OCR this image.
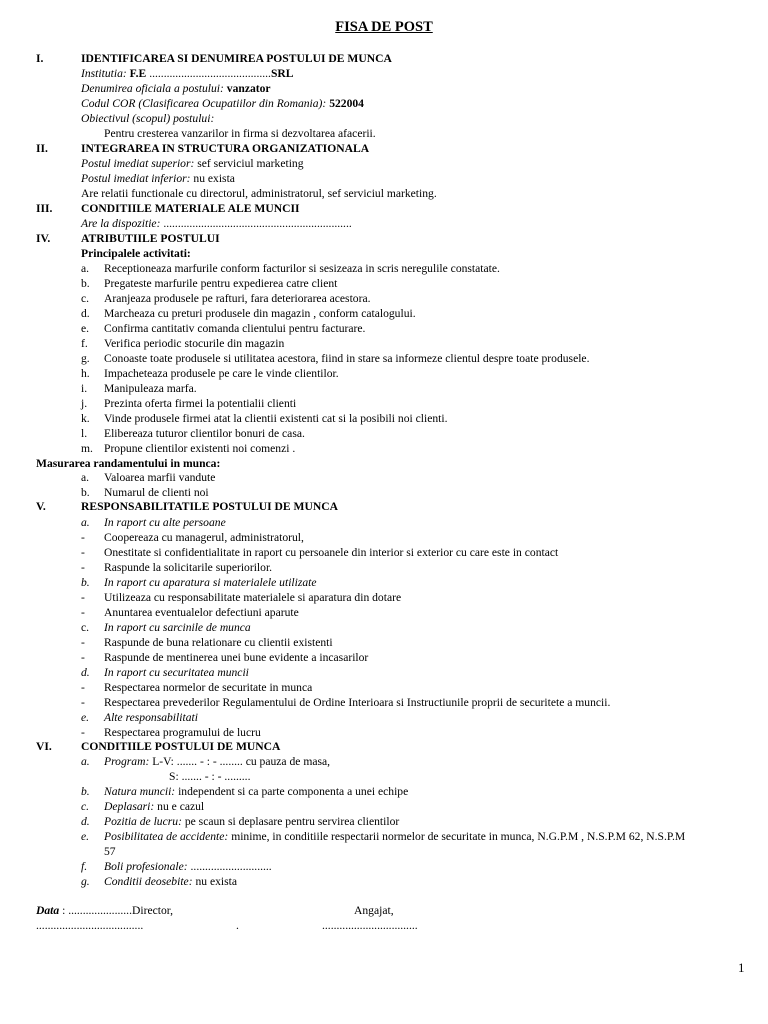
FISA DE POST
I.	IDENTIFICAREA SI DENUMIREA POSTULUI DE MUNCA
Institutia: F.E ..........................................SRL
Denumirea oficiala a postului: vanzator
Codul COR (Clasificarea Ocupatiilor din Romania): 522004
Obiectivul (scopul) postului:
Pentru cresterea vanzarilor in firma si dezvoltarea afacerii.
II.	INTEGRAREA IN STRUCTURA ORGANIZATIONALA
Postul imediat superior: sef serviciul marketing
Postul imediat inferior: nu exista
Are relatii functionale cu directorul, administratorul, sef serviciul marketing.
III. CONDITIILE MATERIALE ALE MUNCII
Are la dispozitie: .................................................................
IV.	ATRIBUTIILE POSTULUI
Principalele activitati:
a. Receptioneaza marfurile conform facturilor si sesizeaza in scris neregulile constatate.
b. Pregateste marfurile pentru expedierea catre client
c. Aranjeaza produsele pe rafturi, fara deteriorarea acestora.
d. Marcheaza cu preturi produsele din magazin , conform catalogului.
e. Confirma cantitativ comanda clientului pentru facturare.
f. Verifica periodic stocurile din magazin
g. Conoaste toate produsele si utilitatea acestora, fiind in stare sa informeze clientul despre toate produsele.
h. Impacheteaza produsele pe care le vinde clientilor.
i. Manipuleaza marfa.
j. Prezinta oferta firmei la potentialii clienti
k. Vinde produsele firmei atat la clientii existenti cat si la posibili noi clienti.
l. Elibereaza tuturor clientilor bonuri de casa.
m. Propune clientilor existenti noi comenzi .
Masurarea randamentului in munca:
a. Valoarea marfii vandute
b. Numarul de clienti noi
V.	RESPONSABILITATILE POSTULUI DE MUNCA
a. In raport cu alte persoane
- Coopereaza cu managerul, administratorul,
- Onestitate si confidentialitate in raport cu persoanele din interior si exterior cu care este in contact
- Raspunde la solicitarile superiorilor.
b. In raport cu aparatura si materialele utilizate
- Utilizeaza cu responsabilitate materialele si aparatura din dotare
- Anuntarea eventualelor defectiuni aparute
c. In raport cu sarcinile de munca
- Raspunde de buna relationare cu clientii existenti
- Raspunde de mentinerea unei bune evidente a incasarilor
d. In raport cu securitatea muncii
- Respectarea normelor de securitate in munca
- Respectarea prevederilor Regulamentului de Ordine Interioara si Instructiunile proprii de securitete a muncii.
e. Alte responsabilitati
- Respectarea programului de lucru
VI.	CONDITIILE POSTULUI DE MUNCA
a. Program: L-V: ....... - : - ........ cu pauza de masa,
S: ....... - : - .........
b. Natura muncii: independent si ca parte componenta a unei echipe
c. Deplasari: nu e cazul
d. Pozitia de lucru: pe scaun si deplasare pentru servirea clientilor
e. Posibilitatea de accidente: minime, in conditiile respectarii normelor de securitate in munca, N.G.P.M , N.S.P.M 62, N.S.P.M
57
f. Boli profesionale: ............................
g. Conditii deosebite: nu exista
Data : ......................Director,	Angajat,
.....................................	.	.................................
1
